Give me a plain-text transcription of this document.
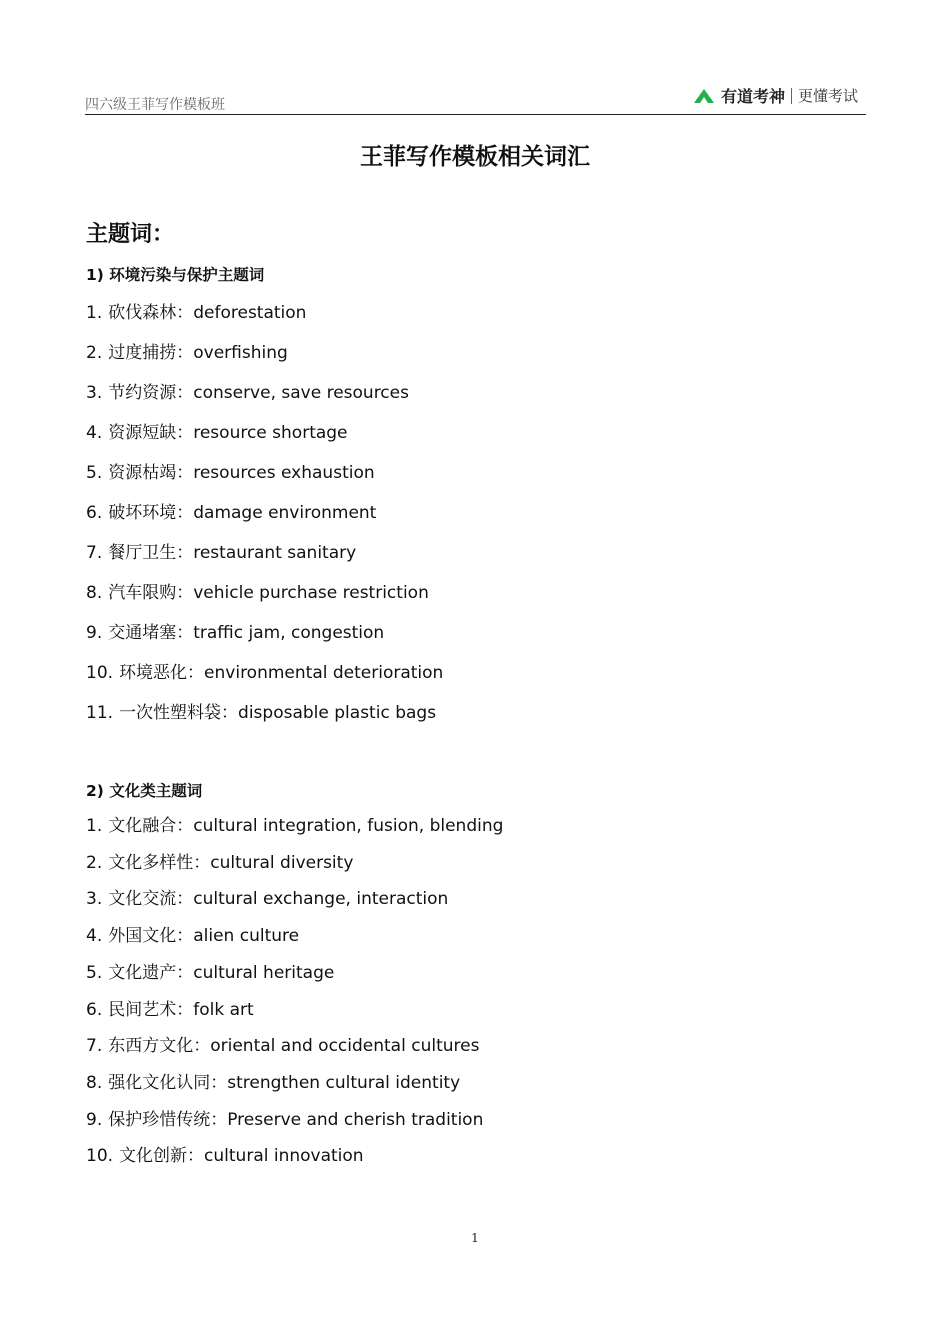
四六级王菲写作模板班	有道考神 更懂考试
王菲写作模板相关词汇
主题词：
1) 环境污染与保护主题词
1. 砍伐森林：deforestation
2. 过度捕捞：overfishing
3. 节约资源：conserve, save resources
4. 资源短缺：resource shortage
5. 资源枯竭：resources exhaustion
6. 破坏环境：damage environment
7. 餐厅卫生：restaurant sanitary
8. 汽车限购：vehicle purchase restriction
9. 交通堵塞：traffic jam, congestion
10. 环境恶化：environmental deterioration
11. 一次性塑料袋：disposable plastic bags
2) 文化类主题词
1. 文化融合：cultural integration, fusion, blending
2. 文化多样性：cultural diversity
3. 文化交流：cultural exchange, interaction
4. 外国文化：alien culture
5. 文化遗产：cultural heritage
6. 民间艺术：folk art
7. 东西方文化：oriental and occidental cultures
8. 强化文化认同：strengthen cultural identity
9. 保护珍惜传统：Preserve and cherish tradition
10. 文化创新：cultural innovation
1
